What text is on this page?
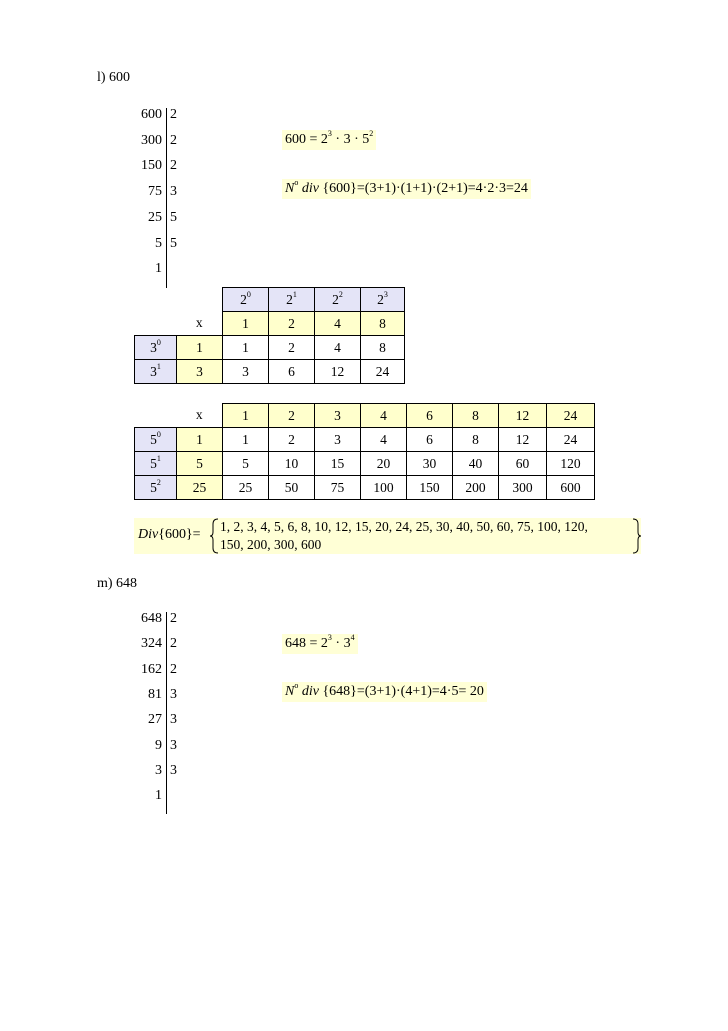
l) 600
600 2
300 2
150 2
75 3
25 5
5 5
1
$600 = 2^3 \cdot 3 \cdot 5^2$
$N^o$ div {600}=(3+1)·(1+1)·(2+1)=4·2·3=24
		$2^0$	$2^1$	$2^2$	$2^3$
	x	1	2	4	8
$3^0$	1	1	2	4	8
$3^1$	3	3	6	12	24
	x	1	2	3	4	6	8	12	24
$5^0$	1	1	2	3	4	6	8	12	24
$5^1$	5	5	10	15	20	30	40	60	120
$5^2$	25	25	50	75	100	150	200	300	600
Div{600}=
1, 2, 3, 4, 5, 6, 8, 10, 12, 15, 20, 24, 25, 30, 40, 50, 60, 75, 100, 120,
150, 200, 300, 600
m) 648
648 2
324 2
162 2
81 3
27 3
9 3
3 3
1
$648 = 2^3 \cdot 3^4$
$N^o$ div {648}=(3+1)·(4+1)=4·5= 20
